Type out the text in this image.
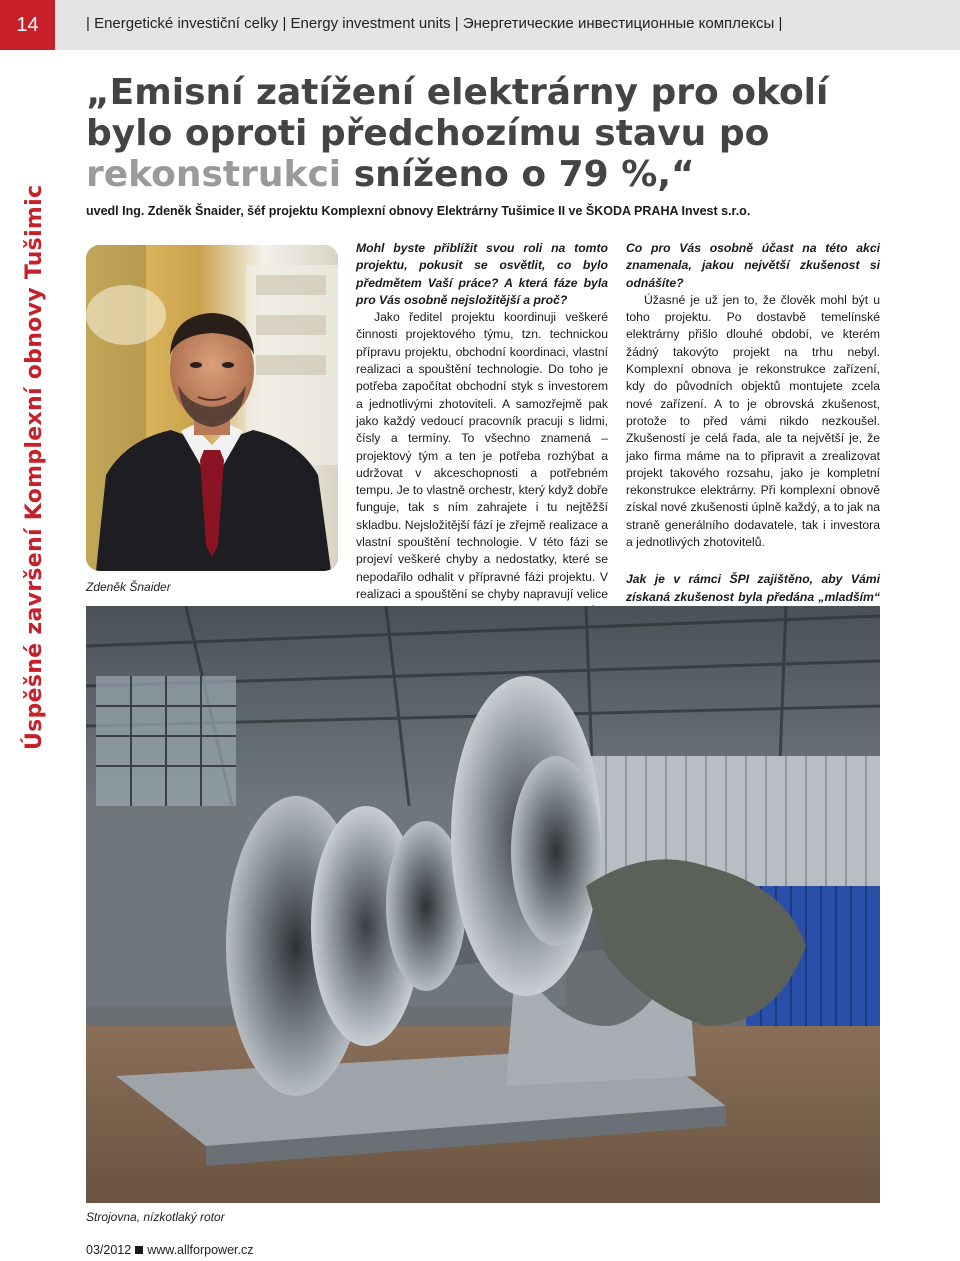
14	| Energetické investiční celky | Energy investment units | Энергетические инвестиционные комплексы |
Úspěšné završení Komplexní obnovy Tušimic
„Emisní zatížení elektrárny pro okolí
bylo oproti předchozímu stavu po
rekonstrukci sníženo o 79 %,“
uvedl Ing. Zdeněk Šnaider, šéf projektu Komplexní obnovy Elektrárny Tušimice II ve ŠKODA PRAHA Invest s.r.o.
Zdeněk Šnaider

Mohl byste přiblížit svou roli na tomto projektu, pokusit se osvětlit, co bylo předmětem Vaší práce? A která fáze byla pro Vás osobně nejsložitější a proč?

Jako ředitel projektu koordinuji veškeré činnosti projektového týmu, tzn. technickou přípravu projektu, obchodní koordinaci, vlastní realizaci a spouštění technologie. Do toho je potřeba započítat obchodní styk s investorem a jednotlivými zhotoviteli. A samozřejmě pak jako každý vedoucí pracovník pracuji s lidmi, čísly a termíny. To všechno znamená – projektový tým a ten je potřeba rozhýbat a udržovat v akceschopnosti a potřebném tempu. Je to vlastně orchestr, který když dobře funguje, tak s ním zahrajete i tu nejtěžší skladbu. Nejsložitější fází je zřejmě realizace a vlastní spouštění technologie. V této fázi se projeví veškeré chyby a nedostatky, které se nepodařilo odhalit v přípravné fázi projektu. V realizaci a spouštění se chyby napravují velice

Co pro Vás osobně účast na této akci znamenala, jakou největší zkušenost si odnášíte?

Úžasné je už jen to, že člověk mohl být u toho projektu. Po dostavbě temelínské elektrárny přišlo dlouhé období, ve kterém žádný takovýto projekt na trhu nebyl. Komplexní obnova je rekonstrukce zařízení, kdy do původních objektů montujete zcela nové zařízení. A to je obrovská zkušenost, protože to před vámi nikdo nezkoušel. Zkušeností je celá řada, ale ta největší je, že jako firma máme na to připravit a zrealizovat projekt takového rozsahu, jako je kompletní rekonstrukce elektrárny. Při komplexní obnově získal nové zkušenosti úplně každý, a to jak na straně generálního dodavatele, tak i investora a jednotlivých zhotovitelů.

Jak je v rámci ŠPI zajištěno, aby Vámi získaná zkušenost byla předána „mladším“

Strojovna, nízkotlaký rotor
03/2012 www.allforpower.cz
